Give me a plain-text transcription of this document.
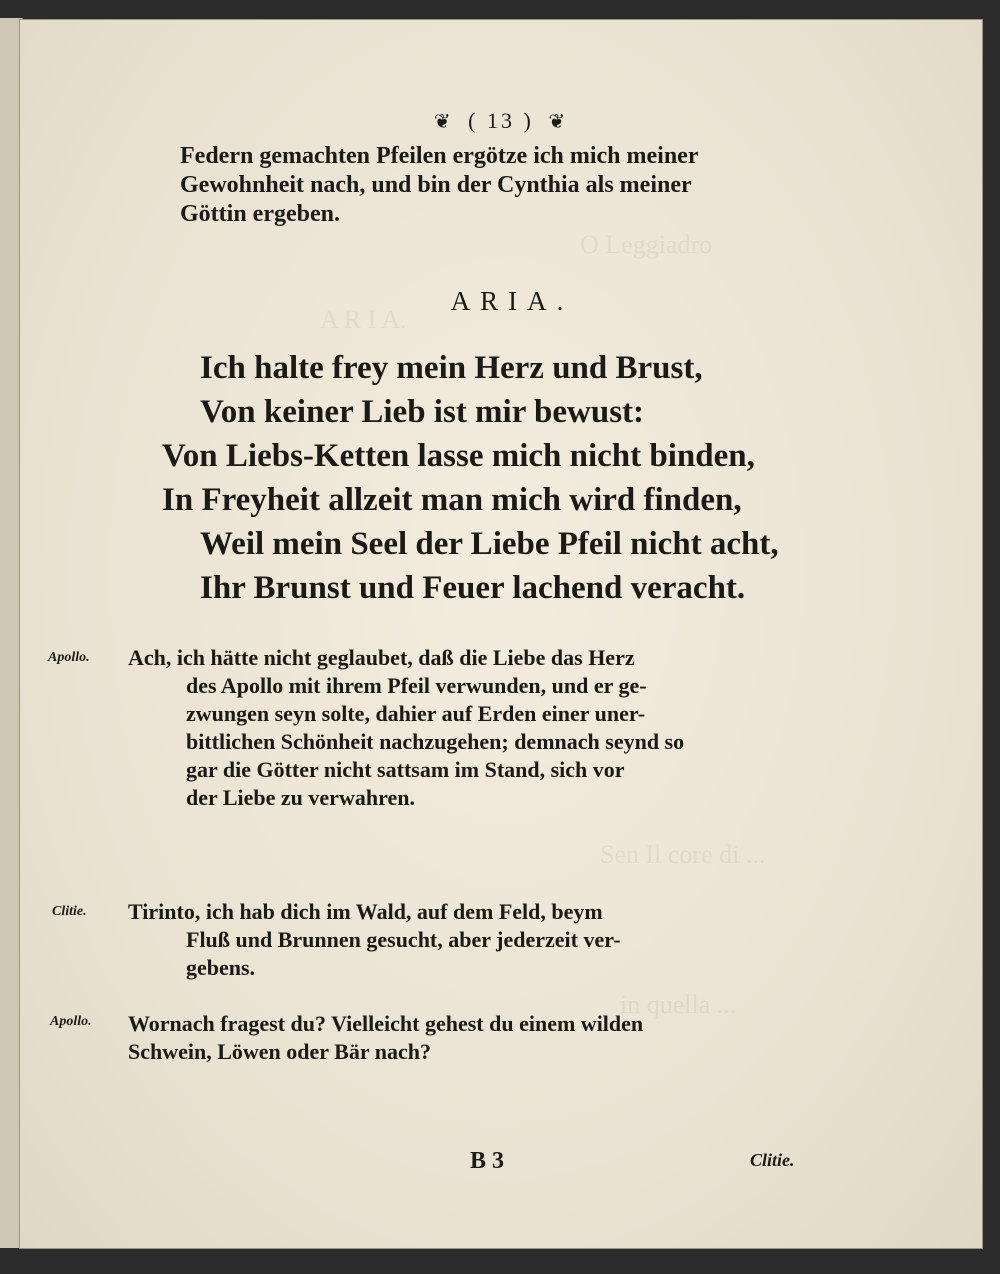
O Leggiadro
A R I A.
Sen Il core di ...
in quella ...
❦ ( 13 ) ❦
Federn gemachten Pfeilen ergötze ich mich meiner
Gewohnheit nach, und bin der Cynthia als meiner
Göttin ergeben.
ARIA.
Ich halte frey mein Herz und Brust,
Von keiner Lieb ist mir bewust:
Von Liebs-Ketten lasse mich nicht binden,
In Freyheit allzeit man mich wird finden,
Weil mein Seel der Liebe Pfeil nicht acht,
Ihr Brunst und Feuer lachend veracht.
Apollo. Ach, ich hätte nicht geglaubet, daß die Liebe das Herz
des Apollo mit ihrem Pfeil verwunden, und er ge-
zwungen seyn solte, dahier auf Erden einer uner-
bittlichen Schönheit nachzugehen; demnach seynd so
gar die Götter nicht sattsam im Stand, sich vor
der Liebe zu verwahren.
Clitie. Tirinto, ich hab dich im Wald, auf dem Feld, beym
Fluß und Brunnen gesucht, aber jederzeit ver-
gebens.
Apollo. Wornach fragest du? Vielleicht gehest du einem wilden
Schwein, Löwen oder Bär nach?
B 3	Clitie.
